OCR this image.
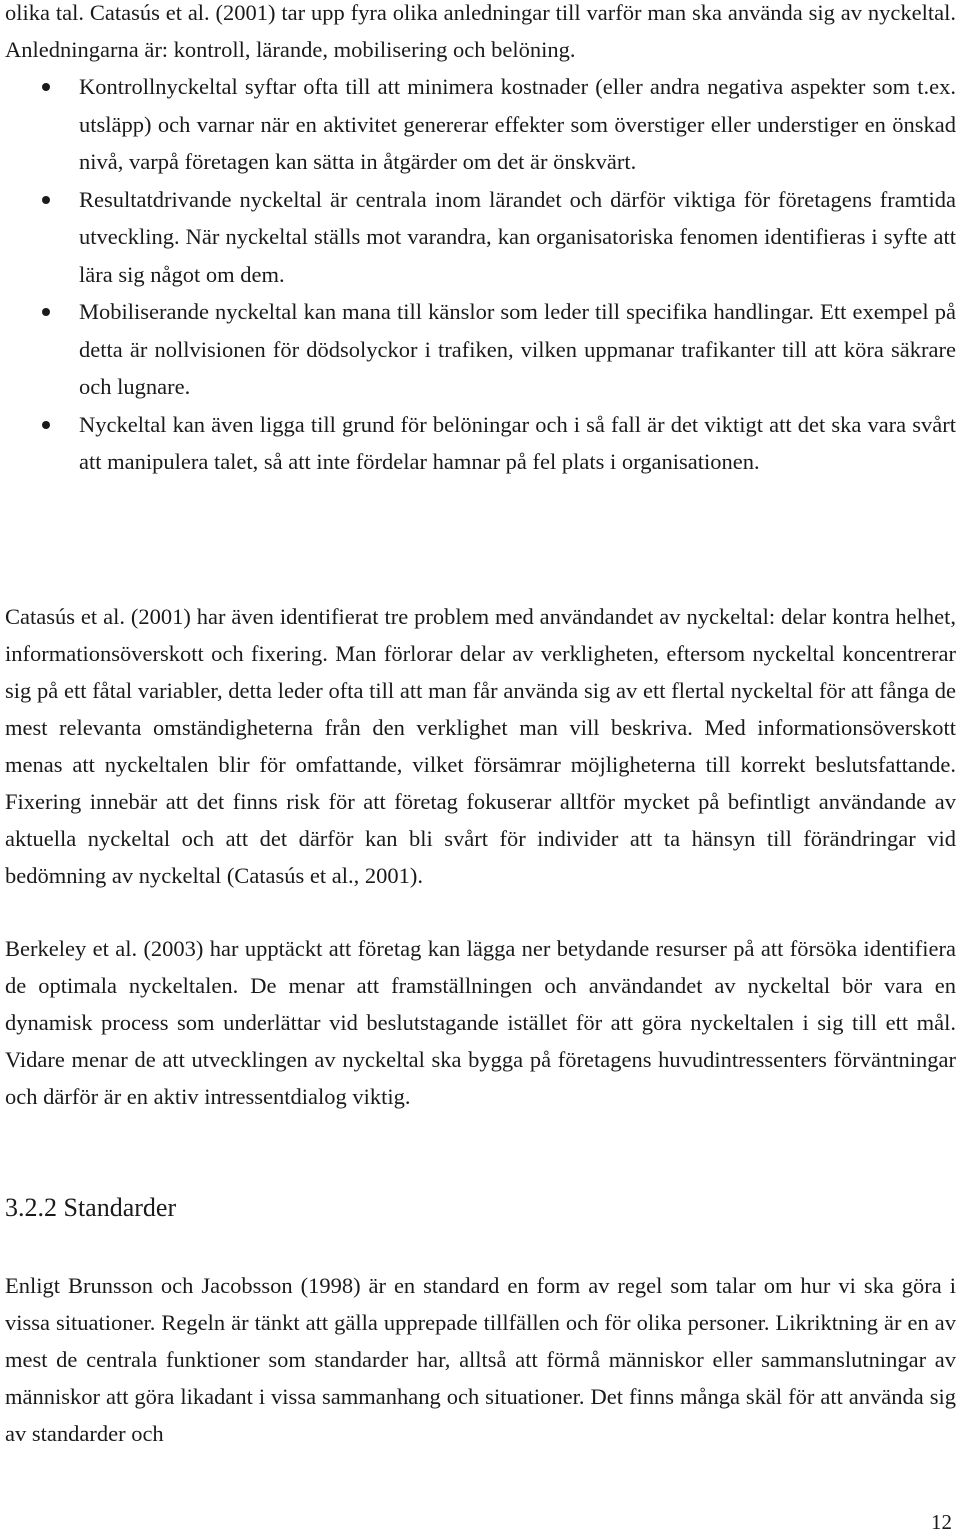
olika tal. Catasús et al. (2001) tar upp fyra olika anledningar till varför man ska använda sig av nyckeltal. Anledningarna är: kontroll, lärande, mobilisering och belöning.

Kontrollnyckeltal syftar ofta till att minimera kostnader (eller andra negativa aspekter som t.ex. utsläpp) och varnar när en aktivitet genererar effekter som överstiger eller understiger en önskad nivå, varpå företagen kan sätta in åtgärder om det är önskvärt.
Resultatdrivande nyckeltal är centrala inom lärandet och därför viktiga för företagens framtida utveckling. När nyckeltal ställs mot varandra, kan organisatoriska fenomen identifieras i syfte att lära sig något om dem.
Mobiliserande nyckeltal kan mana till känslor som leder till specifika handlingar. Ett exempel på detta är nollvisionen för dödsolyckor i trafiken, vilken uppmanar trafikanter till att köra säkrare och lugnare.
Nyckeltal kan även ligga till grund för belöningar och i så fall är det viktigt att det ska vara svårt att manipulera talet, så att inte fördelar hamnar på fel plats i organisationen.

Catasús et al. (2001) har även identifierat tre problem med användandet av nyckeltal: delar kontra helhet, informationsöverskott och fixering. Man förlorar delar av verkligheten, eftersom nyckeltal koncentrerar sig på ett fåtal variabler, detta leder ofta till att man får använda sig av ett flertal nyckeltal för att fånga de mest relevanta omständigheterna från den verklighet man vill beskriva. Med informationsöverskott menas att nyckeltalen blir för omfattande, vilket försämrar möjligheterna till korrekt beslutsfattande. Fixering innebär att det finns risk för att företag fokuserar alltför mycket på befintligt användande av aktuella nyckeltal och att det därför kan bli svårt för individer att ta hänsyn till förändringar vid bedömning av nyckeltal (Catasús et al., 2001).

Berkeley et al. (2003) har upptäckt att företag kan lägga ner betydande resurser på att försöka identifiera de optimala nyckeltalen. De menar att framställningen och användandet av nyckeltal bör vara en dynamisk process som underlättar vid beslutstagande istället för att göra nyckeltalen i sig till ett mål. Vidare menar de att utvecklingen av nyckeltal ska bygga på företagens huvudintressenters förväntningar och därför är en aktiv intressentdialog viktig.

3.2.2 Standarder

Enligt Brunsson och Jacobsson (1998) är en standard en form av regel som talar om hur vi ska göra i vissa situationer. Regeln är tänkt att gälla upprepade tillfällen och för olika personer. Likriktning är en av mest de centrala funktioner som standarder har, alltså att förmå människor eller sammanslutningar av människor att göra likadant i vissa sammanhang och situationer. Det finns många skäl för att använda sig av standarder och

12
